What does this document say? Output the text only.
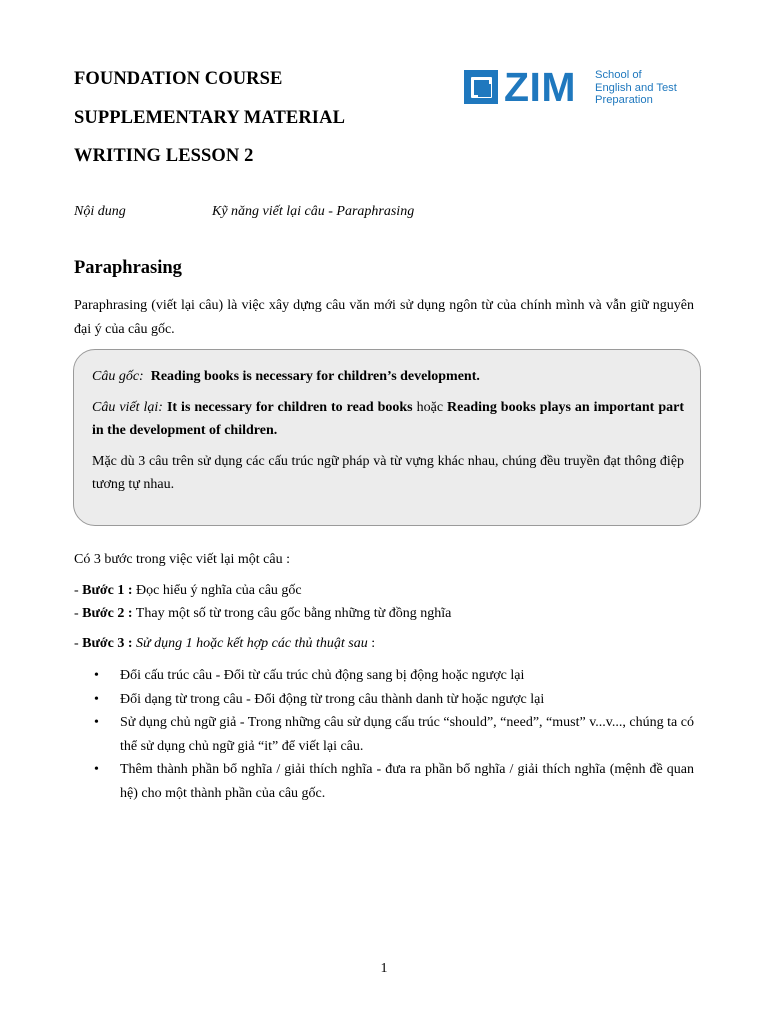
FOUNDATION COURSE
SUPPLEMENTARY MATERIAL
WRITING LESSON 2
ZIM School of
English and Test
Preparation
Nội dung	Kỹ năng viết lại câu - Paraphrasing
Paraphrasing
Paraphrasing (viết lại câu) là việc xây dựng câu văn mới sử dụng ngôn từ của chính mình và vẫn giữ nguyên đại ý của câu gốc.
Câu gốc: Reading books is necessary for children’s development.
Câu viết lại: It is necessary for children to read books hoặc Reading books plays an important part in the development of children.
Mặc dù 3 câu trên sử dụng các cấu trúc ngữ pháp và từ vựng khác nhau, chúng đều truyền đạt thông điệp tương tự nhau.
Có 3 bước trong việc viết lại một câu :
- Bước 1 : Đọc hiểu ý nghĩa của câu gốc
- Bước 2 : Thay một số từ trong câu gốc bằng những từ đồng nghĩa
- Bước 3 : Sử dụng 1 hoặc kết hợp các thủ thuật sau :
• Đổi cấu trúc câu - Đổi từ cấu trúc chủ động sang bị động hoặc ngược lại
• Đổi dạng từ trong câu - Đổi động từ trong câu thành danh từ hoặc ngược lại
• Sử dụng chủ ngữ giả - Trong những câu sử dụng cấu trúc “should”, “need”, “must” v...v..., chúng ta có thể sử dụng chủ ngữ giả “it” để viết lại câu.
• Thêm thành phần bổ nghĩa / giải thích nghĩa - đưa ra phần bổ nghĩa / giải thích nghĩa (mệnh đề quan hệ) cho một thành phần của câu gốc.
1
